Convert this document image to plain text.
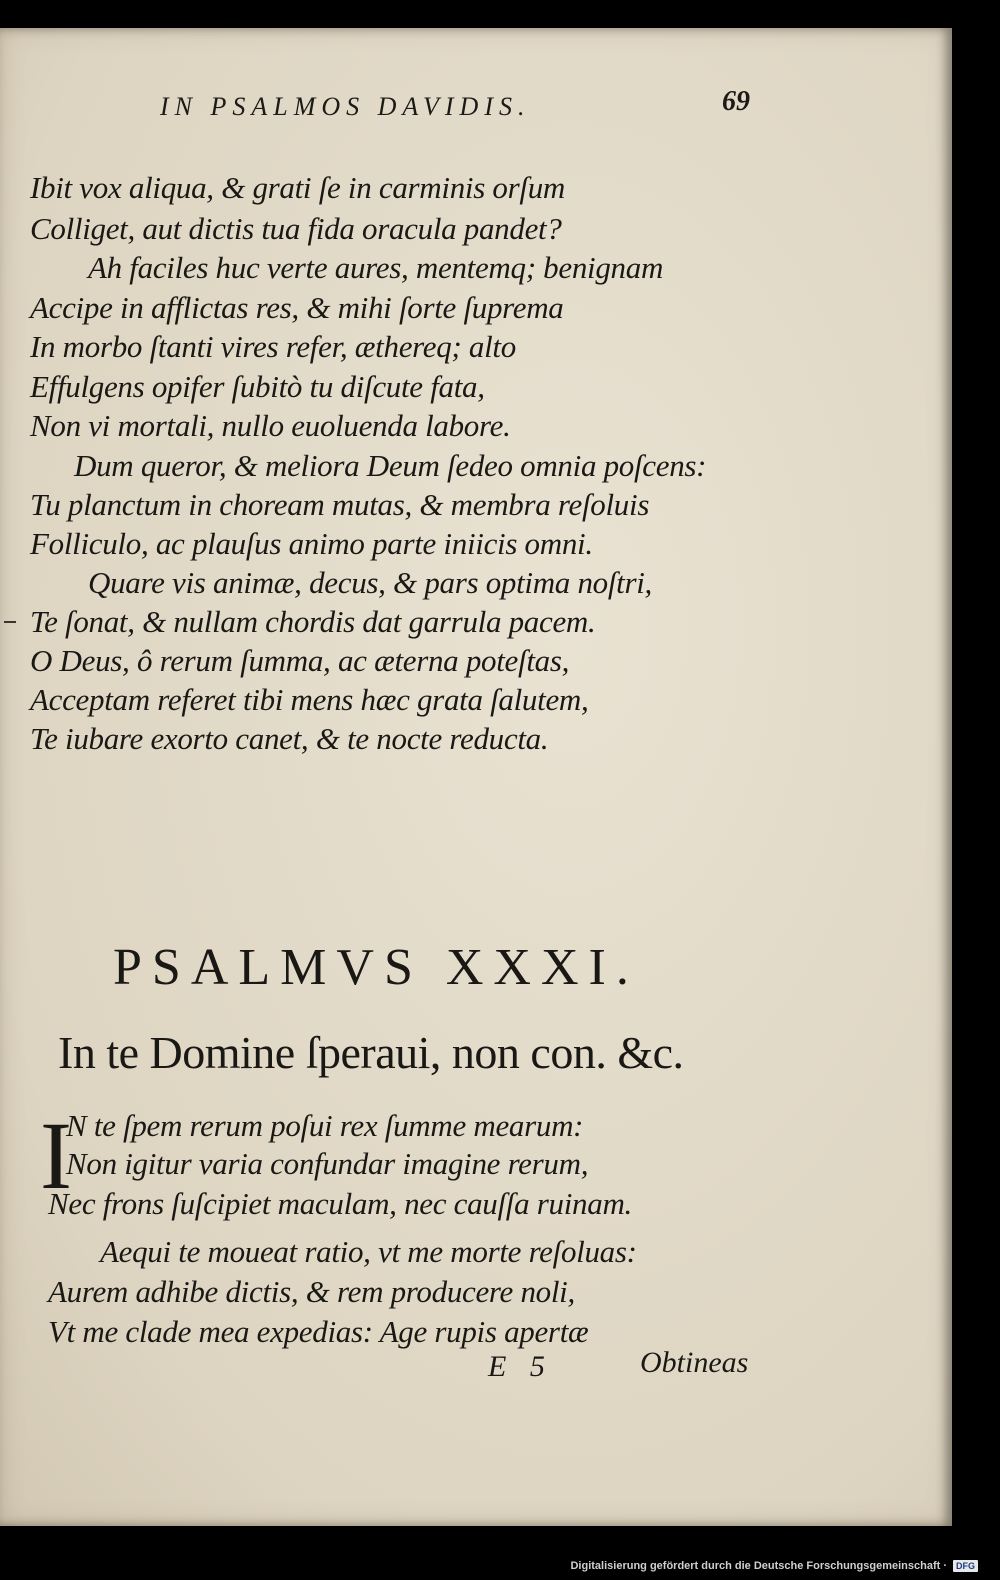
IN PSALMOS DAVIDIS.	69

Ibit vox aliqua, & grati ſe in carminis orſum

Colliget, aut dictis tua fida oracula pandet?

Ah faciles huc verte aures, mentemq; benignam

Accipe in afflictas res, & mihi ſorte ſuprema

In morbo ſtanti vires refer, æthereq; alto

Effulgens opifer ſubitò tu diſcute fata,

Non vi mortali, nullo euoluenda labore.

Dum queror, & meliora Deum ſedeo omnia poſcens:

Tu planctum in choream mutas, & membra reſoluis

Folliculo, ac plauſus animo parte iniicis omni.

Quare vis animæ, decus, & pars optima noſtri,

Te ſonat, & nullam chordis dat garrula pacem.

O Deus, ô rerum ſumma, ac æterna poteſtas,

Acceptam referet tibi mens hæc grata ſalutem,

Te iubare exorto canet, & te nocte reducta.

PSALMVS XXXI.
In te Domine ſperaui, non con. &c.
I

N te ſpem rerum poſui rex ſumme mearum:

Non igitur varia confundar imagine rerum,

Nec frons ſuſcipiet maculam, nec cauſſa ruinam.

Aequi te moueat ratio, vt me morte reſoluas:

Aurem adhibe dictis, & rem producere noli,

Vt me clade mea expedias: Age rupis apertæ

E 5	Obtineas
Digitalisierung gefördert durch die Deutsche Forschungsgemeinschaft ·	DFG
